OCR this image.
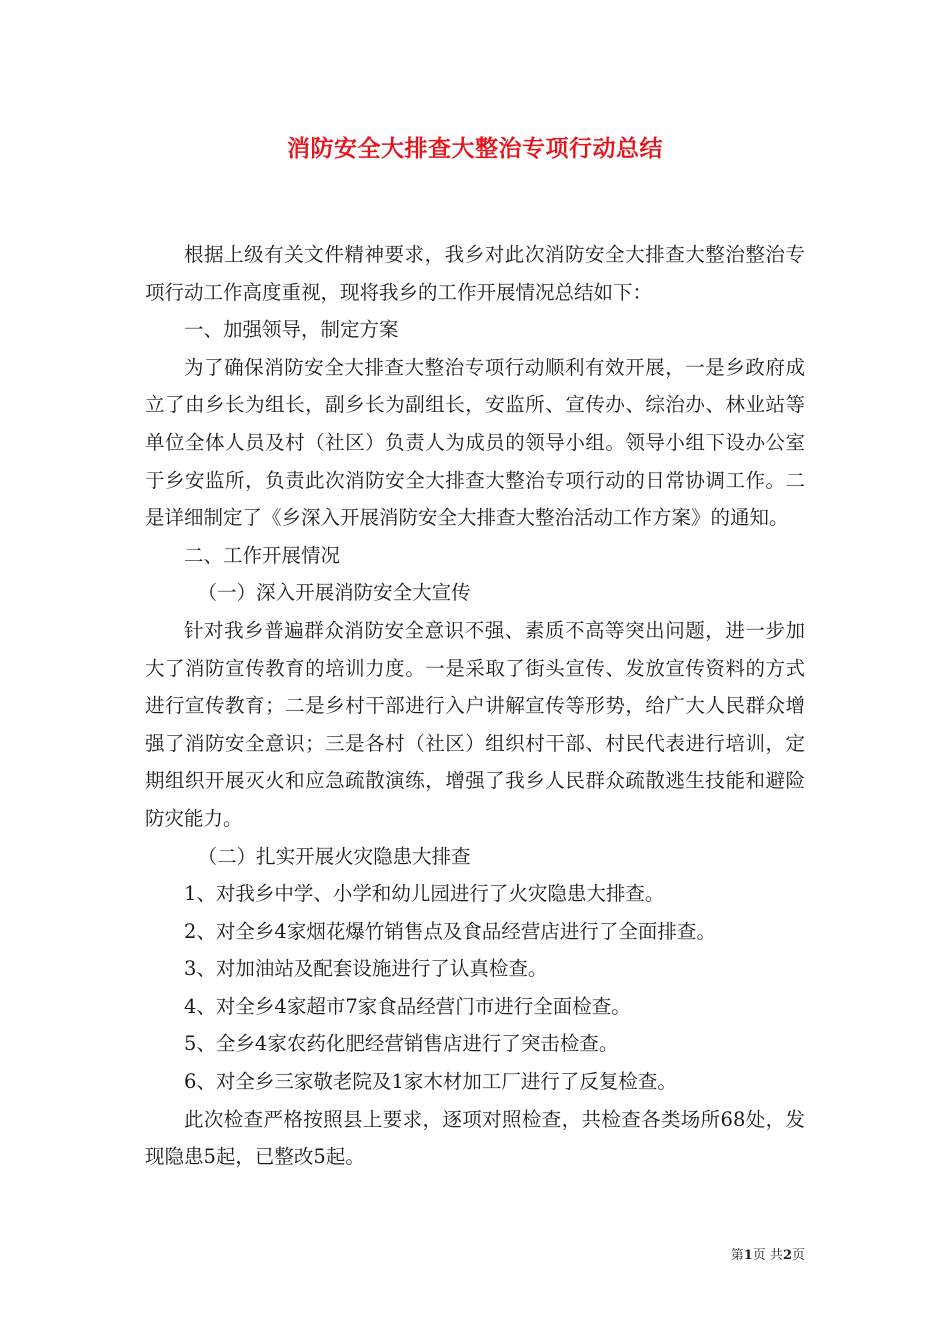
消防安全大排查大整治专项行动总结

根据上级有关文件精神要求，我乡对此次消防安全大排查大整治整治专项行动工作高度重视，现将我乡的工作开展情况总结如下：

一、加强领导，制定方案

为了确保消防安全大排查大整治专项行动顺利有效开展，一是乡政府成立了由乡长为组长，副乡长为副组长，安监所、宣传办、综治办、林业站等单位全体人员及村（社区）负责人为成员的领导小组。领导小组下设办公室于乡安监所，负责此次消防安全大排查大整治专项行动的日常协调工作。二是详细制定了《乡深入开展消防安全大排查大整治活动工作方案》的通知。

二、工作开展情况

（一）深入开展消防安全大宣传

针对我乡普遍群众消防安全意识不强、素质不高等突出问题，进一步加大了消防宣传教育的培训力度。一是采取了街头宣传、发放宣传资料的方式进行宣传教育；二是乡村干部进行入户讲解宣传等形势，给广大人民群众增强了消防安全意识；三是各村（社区）组织村干部、村民代表进行培训，定期组织开展灭火和应急疏散演练，增强了我乡人民群众疏散逃生技能和避险防灾能力。

（二）扎实开展火灾隐患大排查

1、对我乡中学、小学和幼儿园进行了火灾隐患大排查。

2、对全乡4家烟花爆竹销售点及食品经营店进行了全面排查。

3、对加油站及配套设施进行了认真检查。

4、对全乡4家超市7家食品经营门市进行全面检查。

5、全乡4家农药化肥经营销售店进行了突击检查。

6、对全乡三家敬老院及1家木材加工厂进行了反复检查。

此次检查严格按照县上要求，逐项对照检查，共检查各类场所68处，发现隐患5起，已整改5起。

第1页 共2页
